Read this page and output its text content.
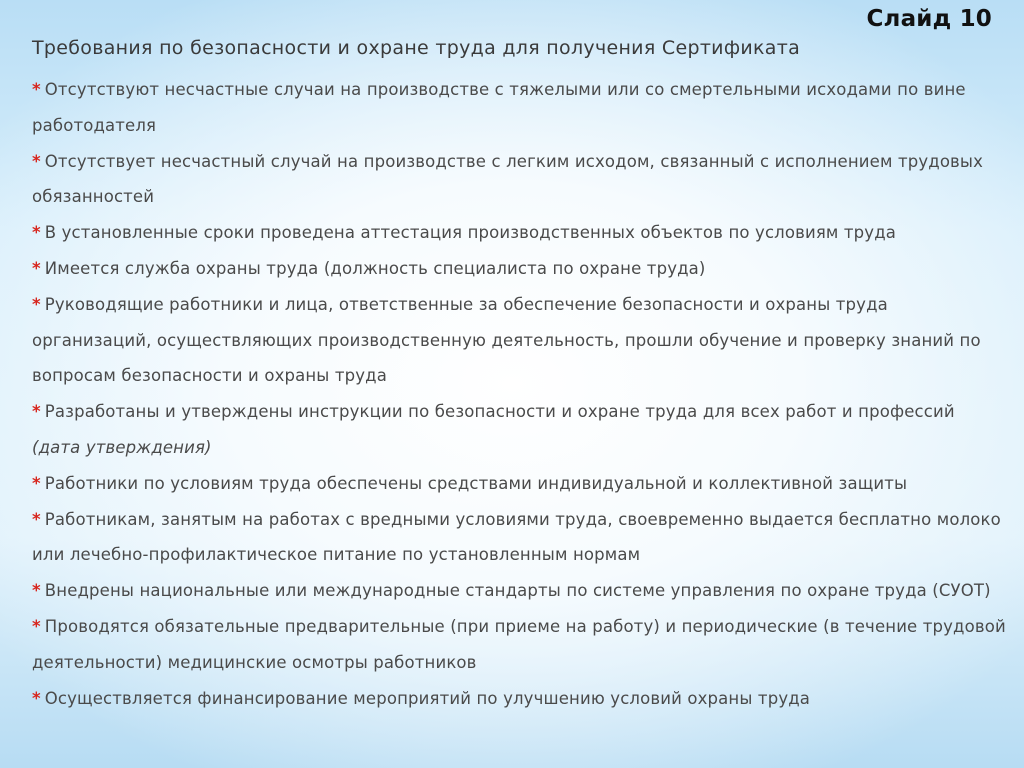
Слайд 10
Требования по безопасности и охране труда для получения Сертификата
* Отсутствуют несчастные случаи на производстве с тяжелыми или со смертельными исходами по вине работодателя
* Отсутствует несчастный случай на производстве с легким исходом, связанный с исполнением трудовых обязанностей
* В установленные сроки проведена аттестация производственных объектов по условиям труда
* Имеется служба охраны труда (должность специалиста по охране труда)
* Руководящие работники и лица, ответственные за обеспечение безопасности и охраны труда организаций, осуществляющих производственную деятельность, прошли обучение и проверку знаний по вопросам безопасности и охраны труда
* Разработаны и утверждены инструкции по безопасности и охране труда для всех работ и профессий (дата утверждения)
* Работники по условиям труда обеспечены средствами индивидуальной и коллективной защиты
* Работникам, занятым на работах с вредными условиями труда, своевременно выдается бесплатно молоко или лечебно-профилактическое питание по установленным нормам
* Внедрены национальные или международные стандарты по системе управления по охране труда (СУОТ)
* Проводятся обязательные предварительные (при приеме на работу) и периодические (в течение трудовой деятельности) медицинские осмотры работников
* Осуществляется финансирование мероприятий по улучшению условий охраны труда
